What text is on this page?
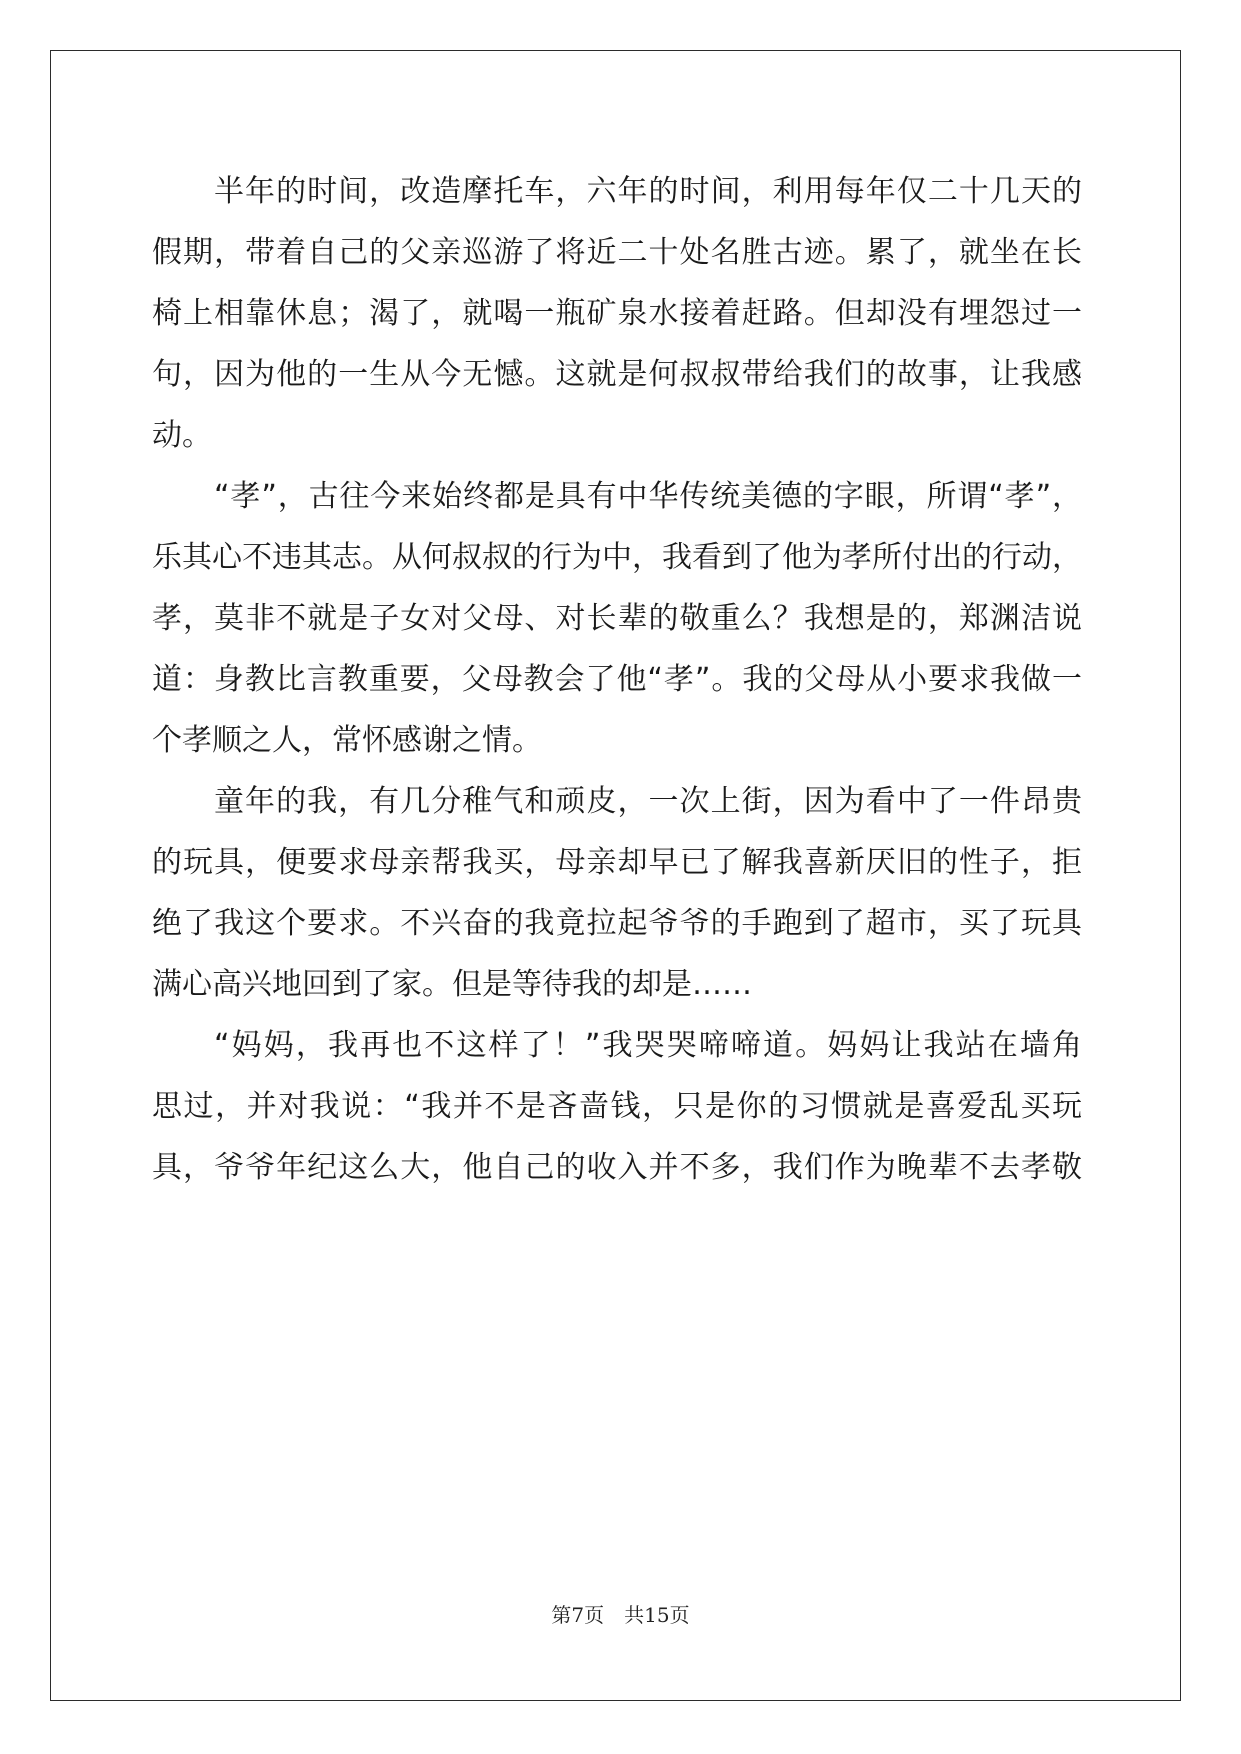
半年的时间，改造摩托车，六年的时间，利用每年仅二十几天的
假期，带着自己的父亲巡游了将近二十处名胜古迹。累了，就坐在长
椅上相靠休息；渴了，就喝一瓶矿泉水接着赶路。但却没有埋怨过一
句，因为他的一生从今无憾。这就是何叔叔带给我们的故事，让我感
动。
“孝”，古往今来始终都是具有中华传统美德的字眼，所谓“孝”，
乐其心不违其志。从何叔叔的行为中，我看到了他为孝所付出的行动，
孝，莫非不就是子女对父母、对长辈的敬重么？我想是的，郑渊洁说
道：身教比言教重要，父母教会了他“孝”。我的父母从小要求我做一
个孝顺之人，常怀感谢之情。
童年的我，有几分稚气和顽皮，一次上街，因为看中了一件昂贵
的玩具，便要求母亲帮我买，母亲却早已了解我喜新厌旧的性子，拒
绝了我这个要求。不兴奋的我竟拉起爷爷的手跑到了超市，买了玩具
满心高兴地回到了家。但是等待我的却是……
“妈妈，我再也不这样了！”我哭哭啼啼道。妈妈让我站在墙角
思过，并对我说：“我并不是吝啬钱，只是你的习惯就是喜爱乱买玩
具，爷爷年纪这么大，他自己的收入并不多，我们作为晚辈不去孝敬
第7页　共15页
